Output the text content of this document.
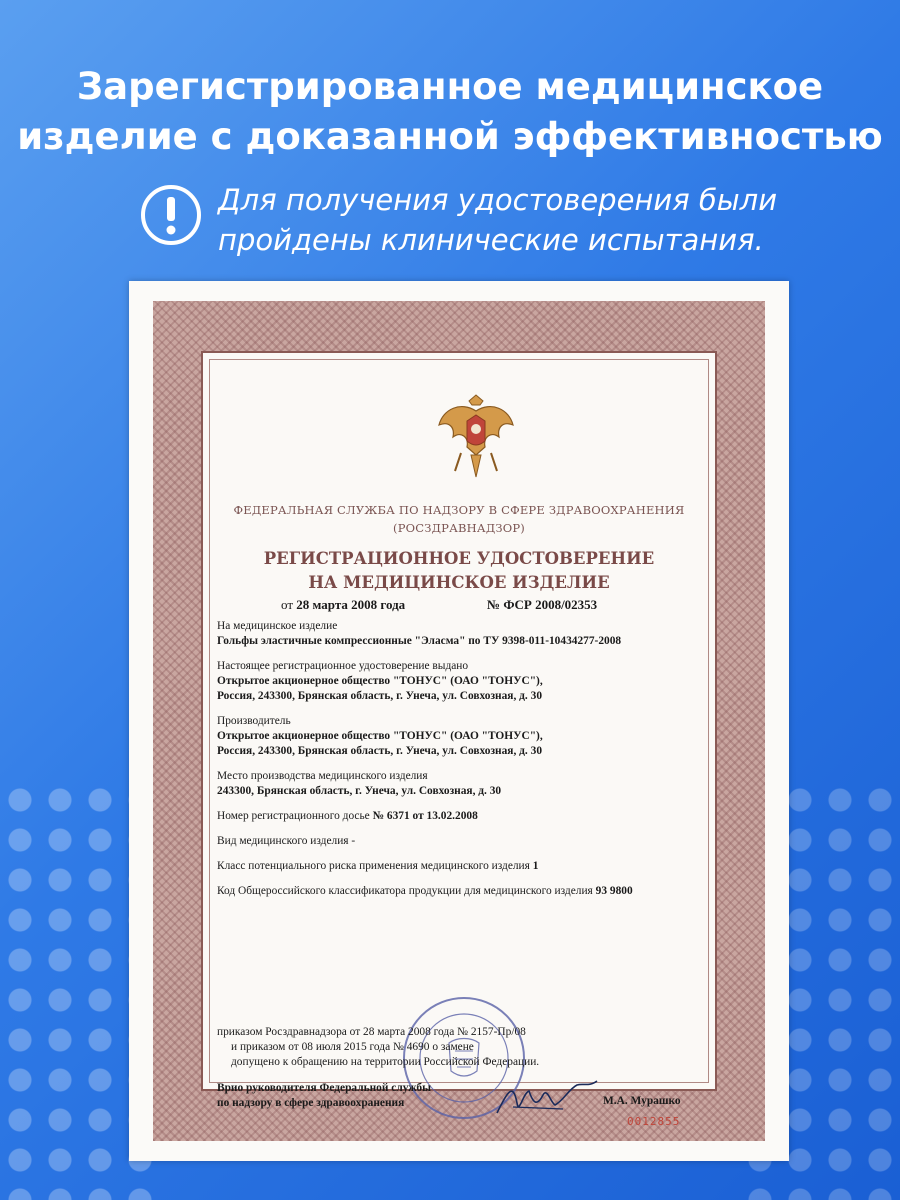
Зарегистрированное медицинское
изделие с доказанной эффективностью
Для получения удостоверения были
пройдены клинические испытания.
ФЕДЕРАЛЬНАЯ СЛУЖБА ПО НАДЗОРУ В СФЕРЕ ЗДРАВООХРАНЕНИЯ
(РОСЗДРАВНАДЗОР)
РЕГИСТРАЦИОННОЕ УДОСТОВЕРЕНИЕ
НА МЕДИЦИНСКОЕ ИЗДЕЛИЕ
от 28 марта 2008 года	№ ФСР 2008/02353
На медицинское изделие
Гольфы эластичные компрессионные "Эласма" по ТУ 9398-011-10434277-2008
Настоящее регистрационное удостоверение выдано
Открытое акционерное общество "ТОНУС" (ОАО "ТОНУС"),
Россия, 243300, Брянская область, г. Унеча, ул. Совхозная, д. 30
Производитель
Открытое акционерное общество "ТОНУС" (ОАО "ТОНУС"),
Россия, 243300, Брянская область, г. Унеча, ул. Совхозная, д. 30
Место производства медицинского изделия
243300, Брянская область, г. Унеча, ул. Совхозная, д. 30
Номер регистрационного досье № 6371 от 13.02.2008
Вид медицинского изделия -
Класс потенциального риска применения медицинского изделия 1
Код Общероссийского классификатора продукции для медицинского изделия 93 9800
приказом Росздравнадзора от 28 марта 2008 года № 2157-Пр/08
и приказом от 08 июля 2015 года № 4690 о замене
допущено к обращению на территории Российской Федерации.
Врио руководителя Федеральной службы
по надзору в сфере здравоохранения	М.А. Мурашко
0012855
